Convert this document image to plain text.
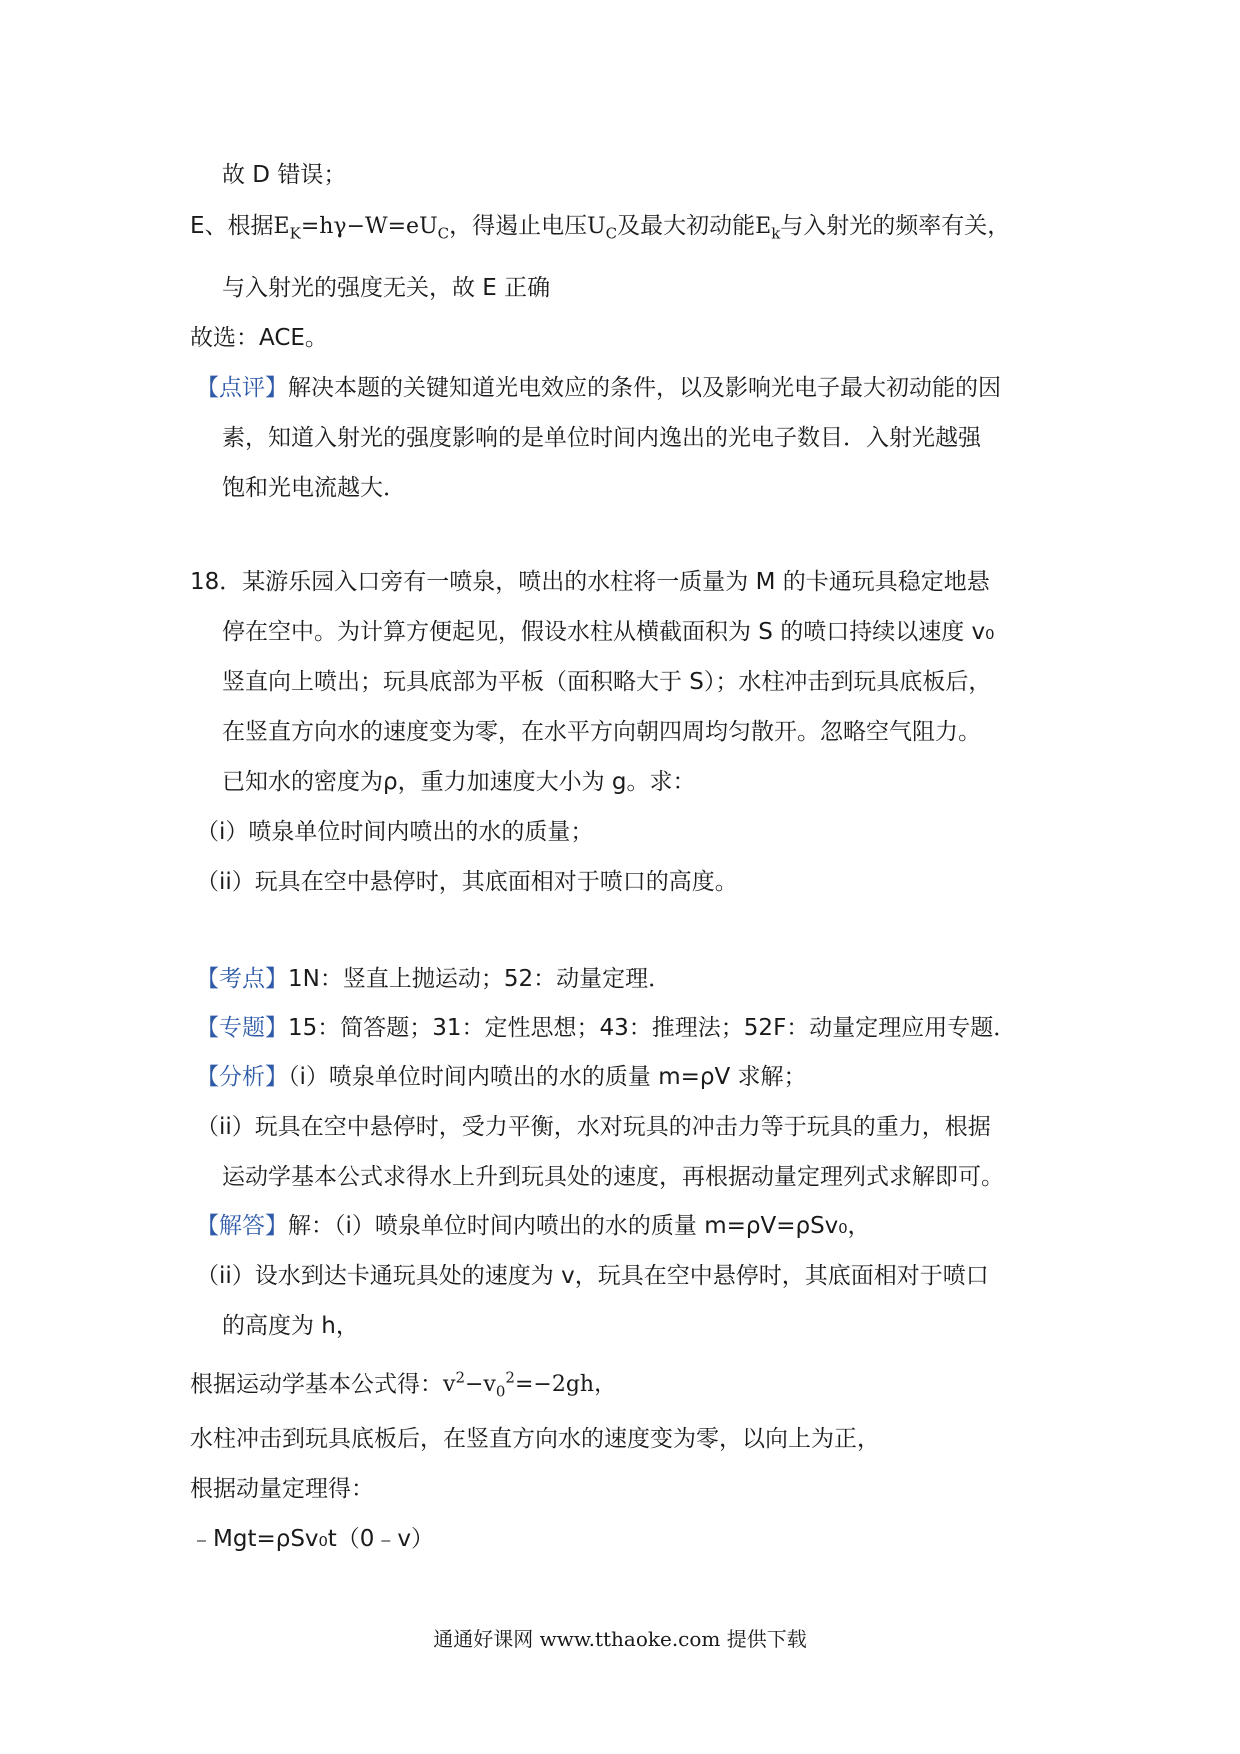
故 D 错误；
E、根据$E_K=h\gamma-W=eU_C$，得遏止电压$U_C$及最大初动能$E_k$与入射光的频率有关，
与入射光的强度无关，故 E 正确
故选：ACE。
【点评】解决本题的关键知道光电效应的条件，以及影响光电子最大初动能的因
素，知道入射光的强度影响的是单位时间内逸出的光电子数目．入射光越强
饱和光电流越大．
18．某游乐园入口旁有一喷泉，喷出的水柱将一质量为 M 的卡通玩具稳定地悬
停在空中。为计算方便起见，假设水柱从横截面积为 S 的喷口持续以速度 v₀
竖直向上喷出；玩具底部为平板（面积略大于 S）；水柱冲击到玩具底板后，
在竖直方向水的速度变为零，在水平方向朝四周均匀散开。忽略空气阻力。
已知水的密度为ρ，重力加速度大小为 g。求：
（i）喷泉单位时间内喷出的水的质量；
（ii）玩具在空中悬停时，其底面相对于喷口的高度。
【考点】1N：竖直上抛运动；52：动量定理．
【专题】15：简答题；31：定性思想；43：推理法；52F：动量定理应用专题．
【分析】（i）喷泉单位时间内喷出的水的质量 m=ρV 求解；
（ii）玩具在空中悬停时，受力平衡，水对玩具的冲击力等于玩具的重力，根据
运动学基本公式求得水上升到玩具处的速度，再根据动量定理列式求解即可。
【解答】解：（i）喷泉单位时间内喷出的水的质量 m=ρV=ρSv₀，
（ii）设水到达卡通玩具处的速度为 v，玩具在空中悬停时，其底面相对于喷口
的高度为 h，
根据运动学基本公式得：$v^2-v_0^2=-2gh$，
水柱冲击到玩具底板后，在竖直方向水的速度变为零，以向上为正，
根据动量定理得：
﹣Mgt=ρSv₀t（0﹣v）
通通好课网 www.tthaoke.com 提供下载
